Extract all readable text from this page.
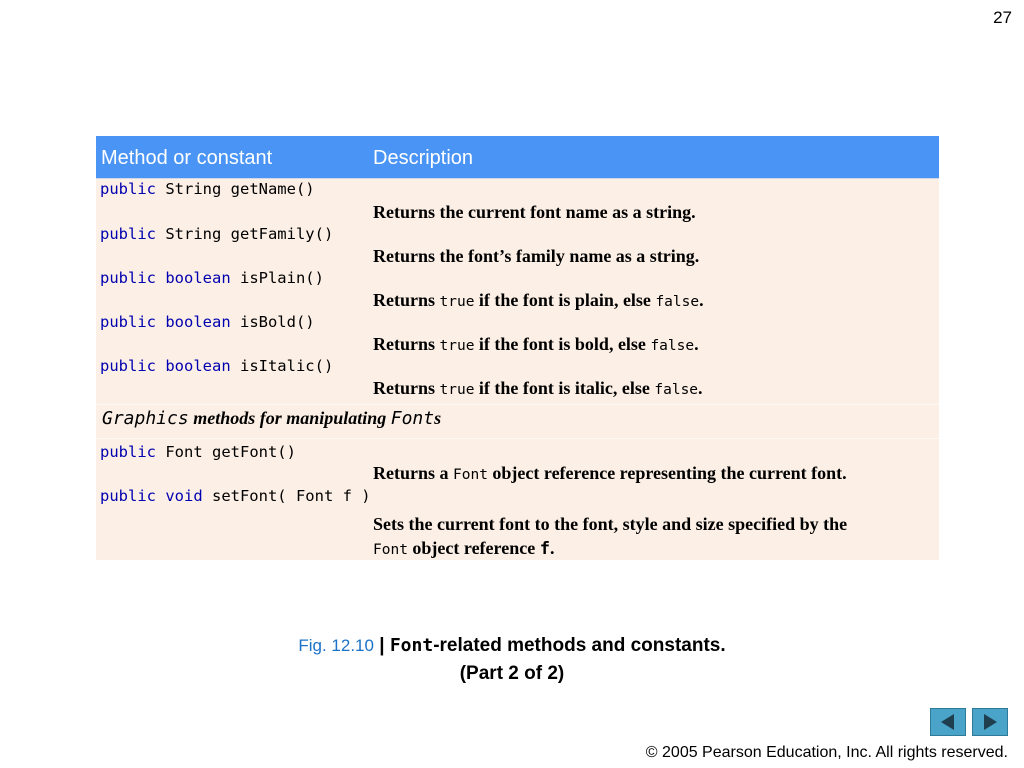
27
Method or constant	Description
public String getName()
Returns the current font name as a string.
public String getFamily()
Returns the font’s family name as a string.
public boolean isPlain()
Returns true if the font is plain, else false.
public boolean isBold()
Returns true if the font is bold, else false.
public boolean isItalic()
Returns true if the font is italic, else false.
Graphics methods for manipulating Fonts
public Font getFont()
Returns a Font object reference representing the current font.
public void setFont( Font f )
Sets the current font to the font, style and size specified by the
Font object reference f.
Fig. 12.10 | Font-related methods and constants.
(Part 2 of 2)
© 2005 Pearson Education, Inc. All rights reserved.
